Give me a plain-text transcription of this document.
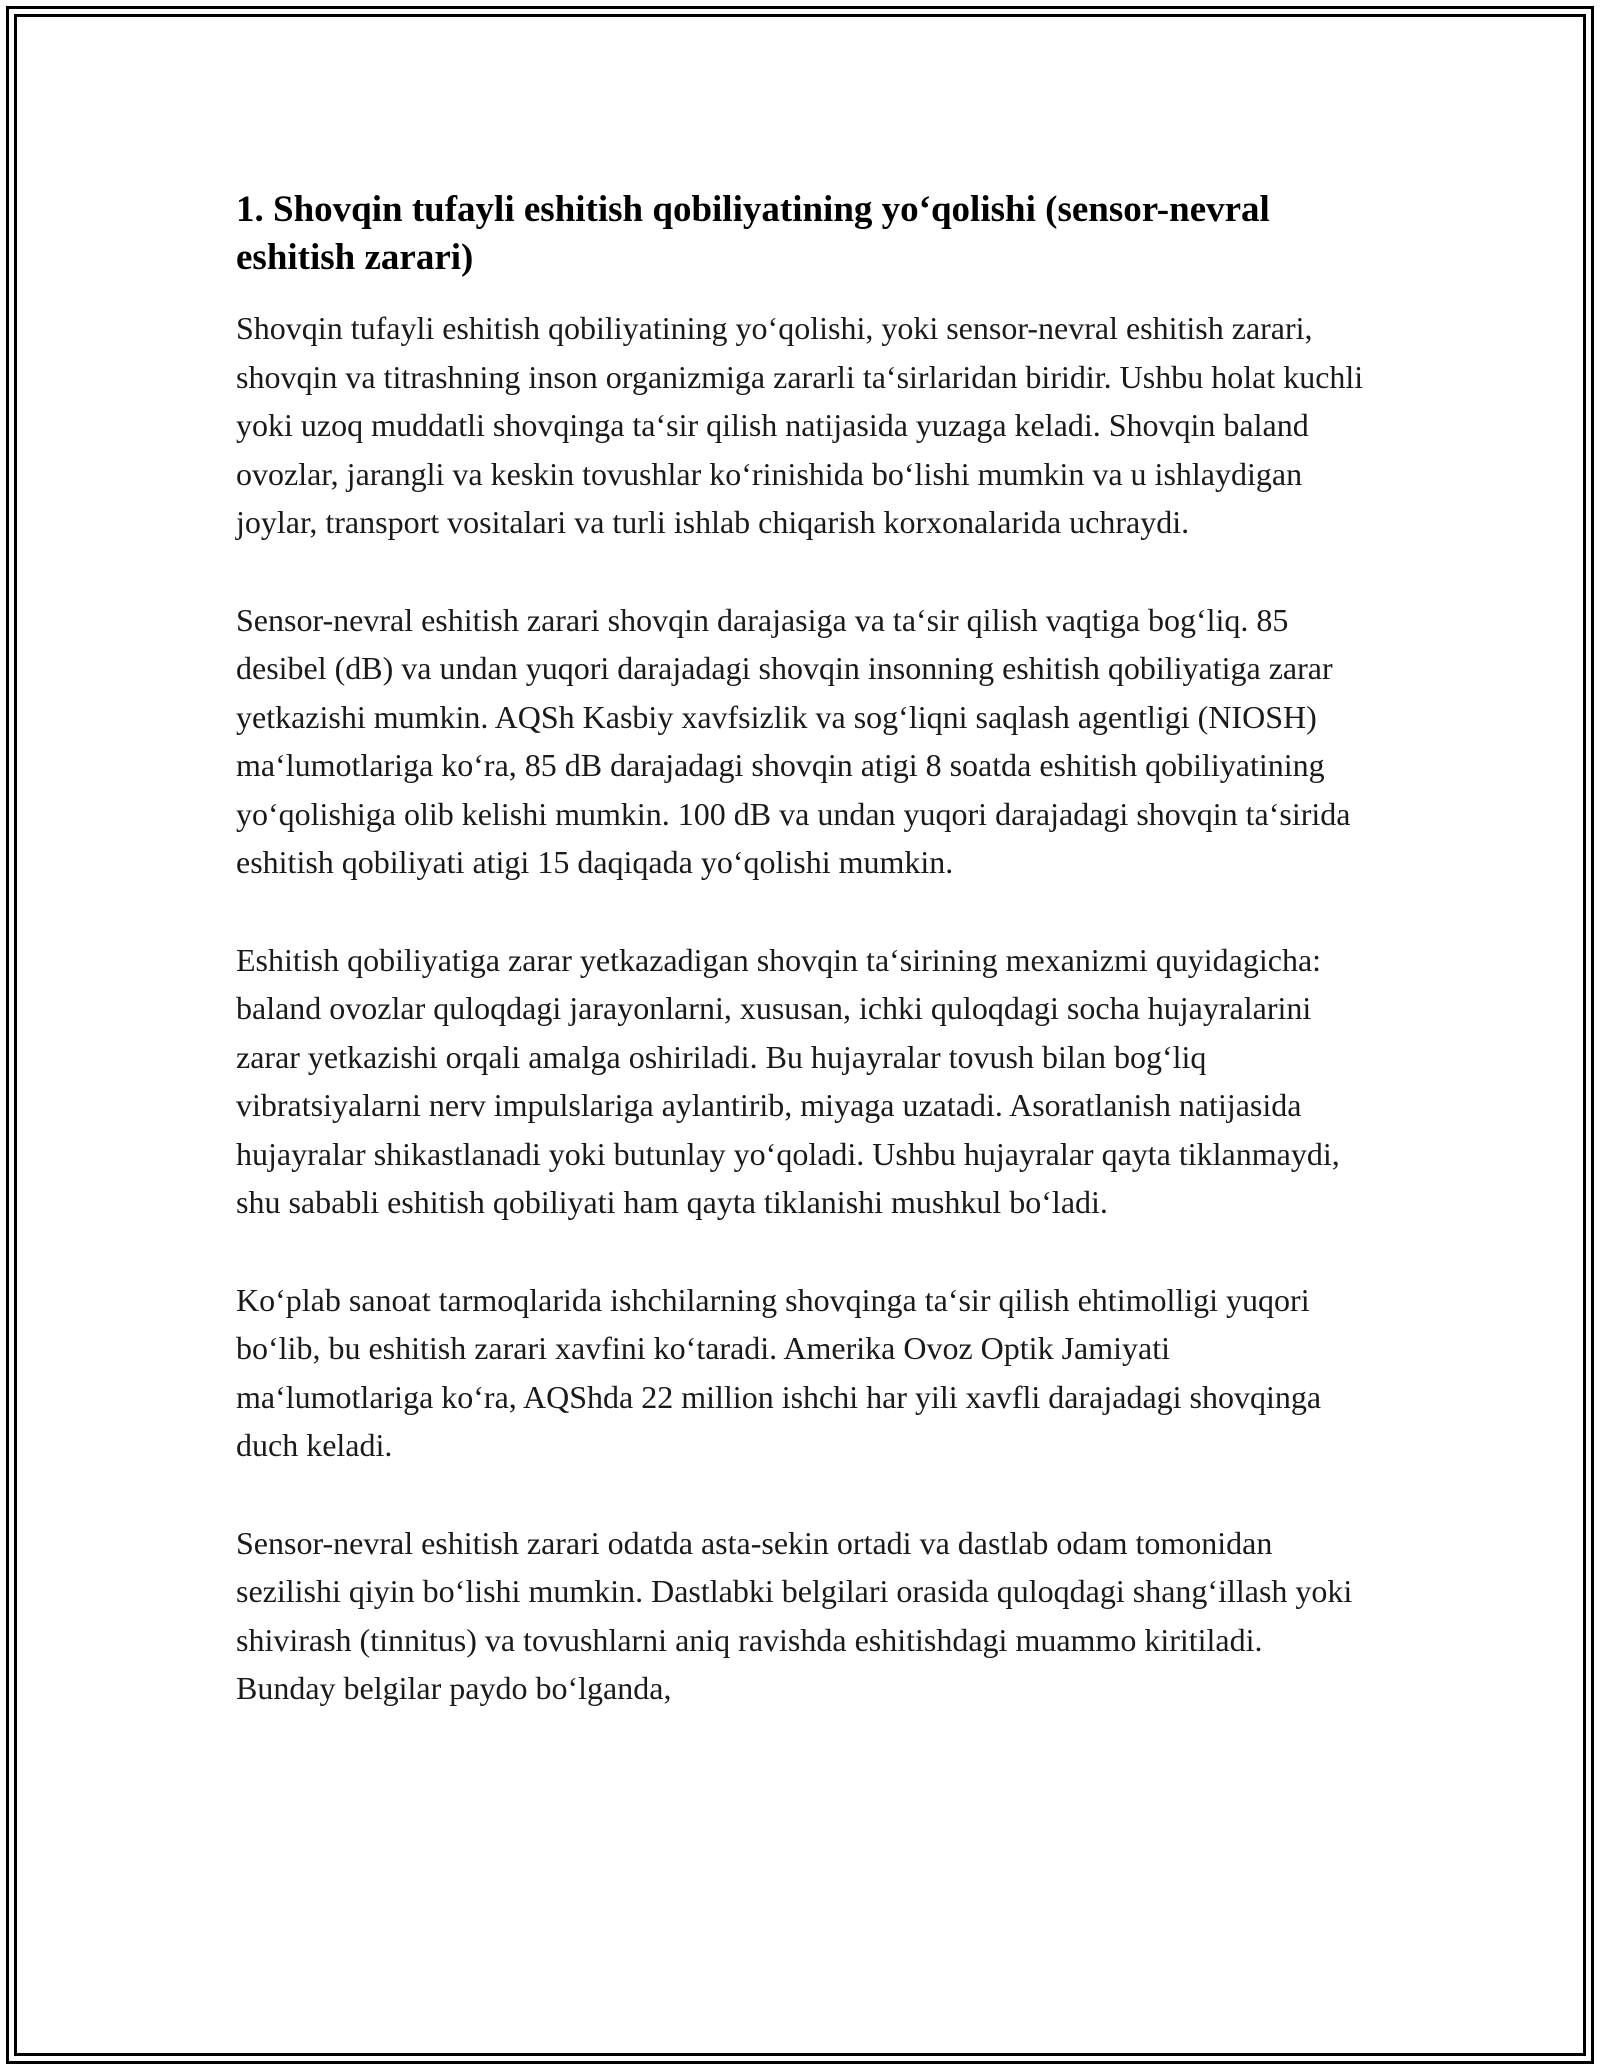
1. Shovqin tufayli eshitish qobiliyatining yo‘qolishi (sensor-nevral eshitish zarari)

Shovqin tufayli eshitish qobiliyatining yo‘qolishi, yoki sensor-nevral eshitish zarari, shovqin va titrashning inson organizmiga zararli ta‘sirlaridan biridir. Ushbu holat kuchli yoki uzoq muddatli shovqinga ta‘sir qilish natijasida yuzaga keladi. Shovqin baland ovozlar, jarangli va keskin tovushlar ko‘rinishida bo‘lishi mumkin va u ishlaydigan joylar, transport vositalari va turli ishlab chiqarish korxonalarida uchraydi.

Sensor-nevral eshitish zarari shovqin darajasiga va ta‘sir qilish vaqtiga bog‘liq. 85 desibel (dB) va undan yuqori darajadagi shovqin insonning eshitish qobiliyatiga zarar yetkazishi mumkin. AQSh Kasbiy xavfsizlik va sog‘liqni saqlash agentligi (NIOSH) ma‘lumotlariga ko‘ra, 85 dB darajadagi shovqin atigi 8 soatda eshitish qobiliyatining yo‘qolishiga olib kelishi mumkin. 100 dB va undan yuqori darajadagi shovqin ta‘sirida eshitish qobiliyati atigi 15 daqiqada yo‘qolishi mumkin.

Eshitish qobiliyatiga zarar yetkazadigan shovqin ta‘sirining mexanizmi quyidagicha: baland ovozlar quloqdagi jarayonlarni, xususan, ichki quloqdagi socha hujayralarini zarar yetkazishi orqali amalga oshiriladi. Bu hujayralar tovush bilan bog‘liq vibratsiyalarni nerv impulslariga aylantirib, miyaga uzatadi. Asoratlanish natijasida hujayralar shikastlanadi yoki butunlay yo‘qoladi. Ushbu hujayralar qayta tiklanmaydi, shu sababli eshitish qobiliyati ham qayta tiklanishi mushkul bo‘ladi.

Ko‘plab sanoat tarmoqlarida ishchilarning shovqinga ta‘sir qilish ehtimolligi yuqori bo‘lib, bu eshitish zarari xavfini ko‘taradi. Amerika Ovoz Optik Jamiyati ma‘lumotlariga ko‘ra, AQShda 22 million ishchi har yili xavfli darajadagi shovqinga duch keladi.

Sensor-nevral eshitish zarari odatda asta-sekin ortadi va dastlab odam tomonidan sezilishi qiyin bo‘lishi mumkin. Dastlabki belgilari orasida quloqdagi shang‘illash yoki shivirash (tinnitus) va tovushlarni aniq ravishda eshitishdagi muammo kiritiladi. Bunday belgilar paydo bo‘lganda,
